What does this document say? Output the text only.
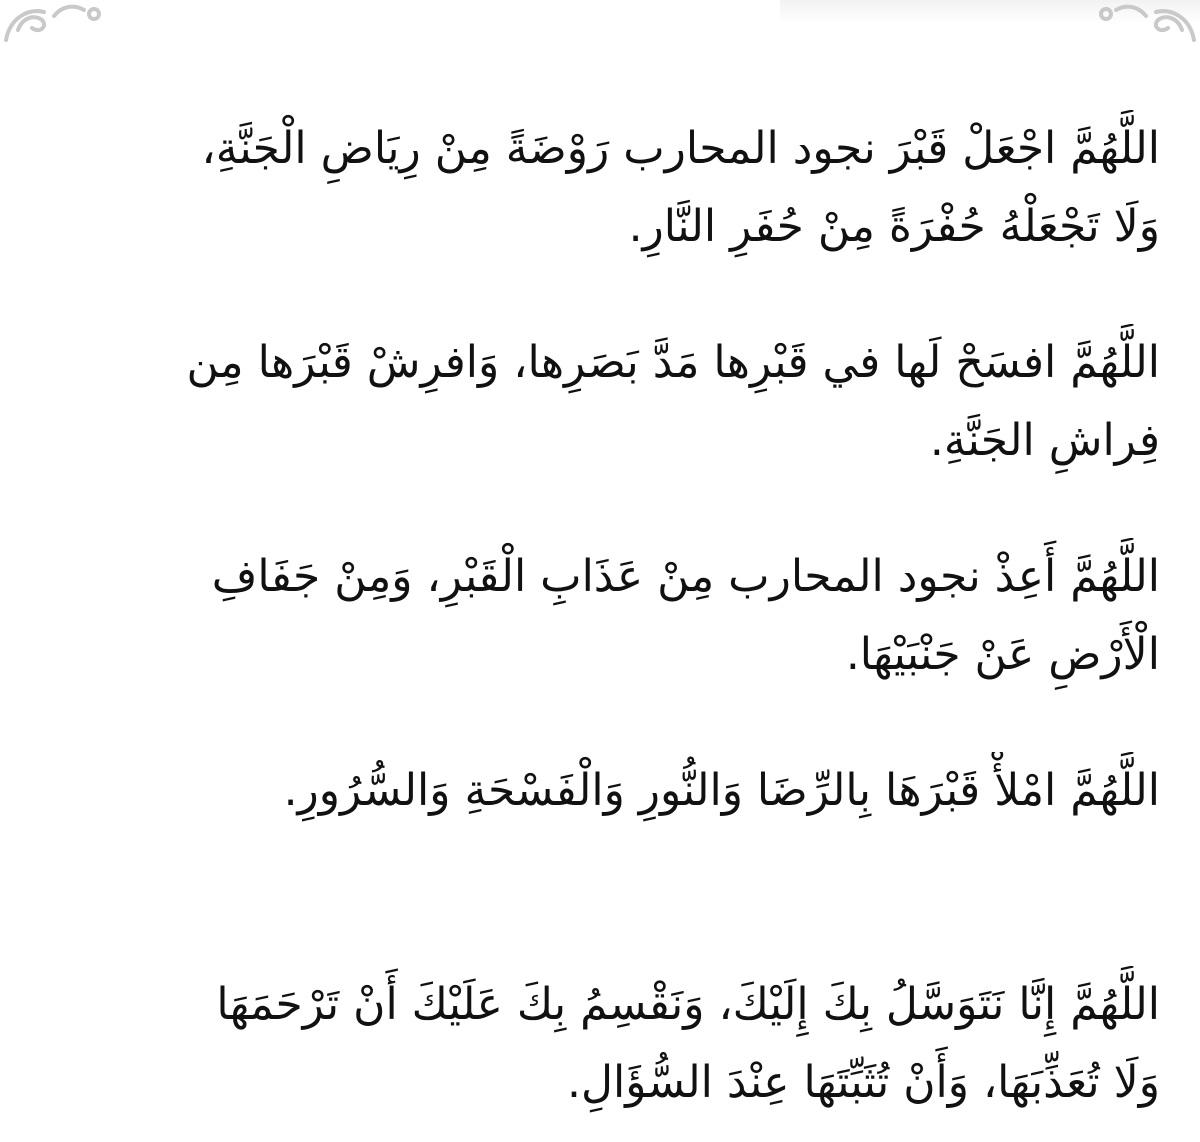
اللَّهُمَّ اجْعَلْ قَبْرَ نجود المحارب رَوْضَةً مِنْ رِيَاضِ الْجَنَّةِ، وَلَا تَجْعَلْهُ حُفْرَةً مِنْ حُفَرِ النَّارِ.

اللَّهُمَّ افسَحْ لَها في قَبْرِها مَدَّ بَصَرِها، وَافرِشْ قَبْرَها مِن فِراشِ الجَنَّةِ.

اللَّهُمَّ أَعِذْ نجود المحارب مِنْ عَذَابِ الْقَبْرِ، وَمِنْ جَفَافِ الْأَرْضِ عَنْ جَنْبَيْهَا.

اللَّهُمَّ امْلأْ قَبْرَهَا بِالرِّضَا وَالنُّورِ وَالْفَسْحَةِ وَالسُّرُورِ.

اللَّهُمَّ إِنَّا نَتَوَسَّلُ بِكَ إِلَيْكَ، وَنَقْسِمُ بِكَ عَلَيْكَ أَنْ تَرْحَمَهَا وَلَا تُعَذِّبَهَا، وَأَنْ تُثَبِّتَهَا عِنْدَ السُّؤَالِ.
